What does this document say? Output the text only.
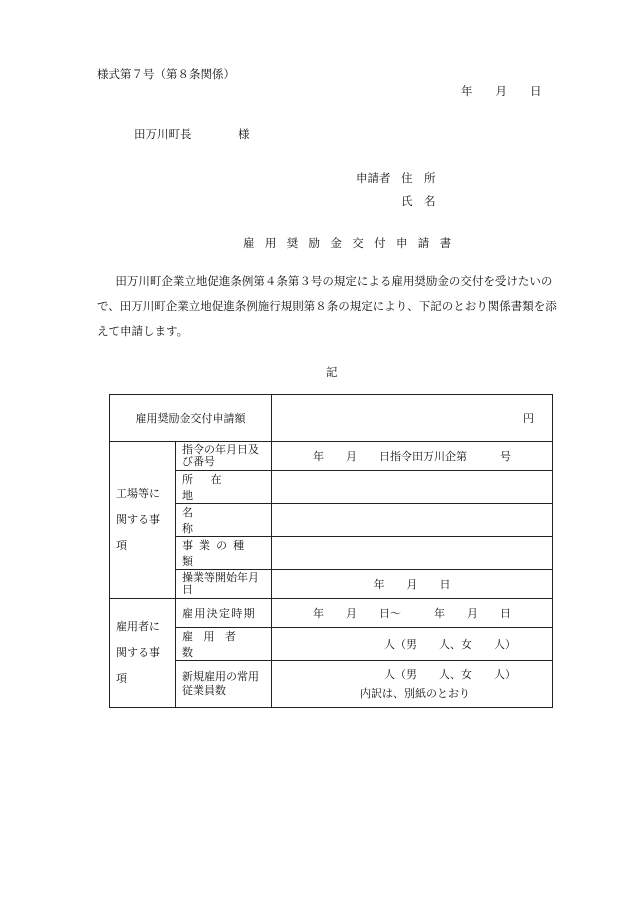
様式第７号（第８条関係）
年　　月　　日
田万川町長	様
申請者 住　所
氏　名
雇用奨励金交付申請書

田万川町企業立地促進条例第４条第３号の規定による雇用奨励金の交付を受けたいので、田万川町企業立地促進条例施行規則第８条の規定により、下記のとおり関係書類を添えて申請します。

記
雇用奨励金交付申請額		円
工場等に関する事項	指令の年月日及び番号	年　　月　　日指令田万川企第　　　号
	所在地	
	名称	
	事業の種類	
	操業等開始年月日	年　　月　　日
雇用者に関する事項	雇用決定時期	年　　月　　日～　　　年　　月　　日
	雇用者数	人（男　　人、女　　人）
	新規雇用の常用従業員数	人（男　　人、女　　人）
内訳は、別紙のとおり
